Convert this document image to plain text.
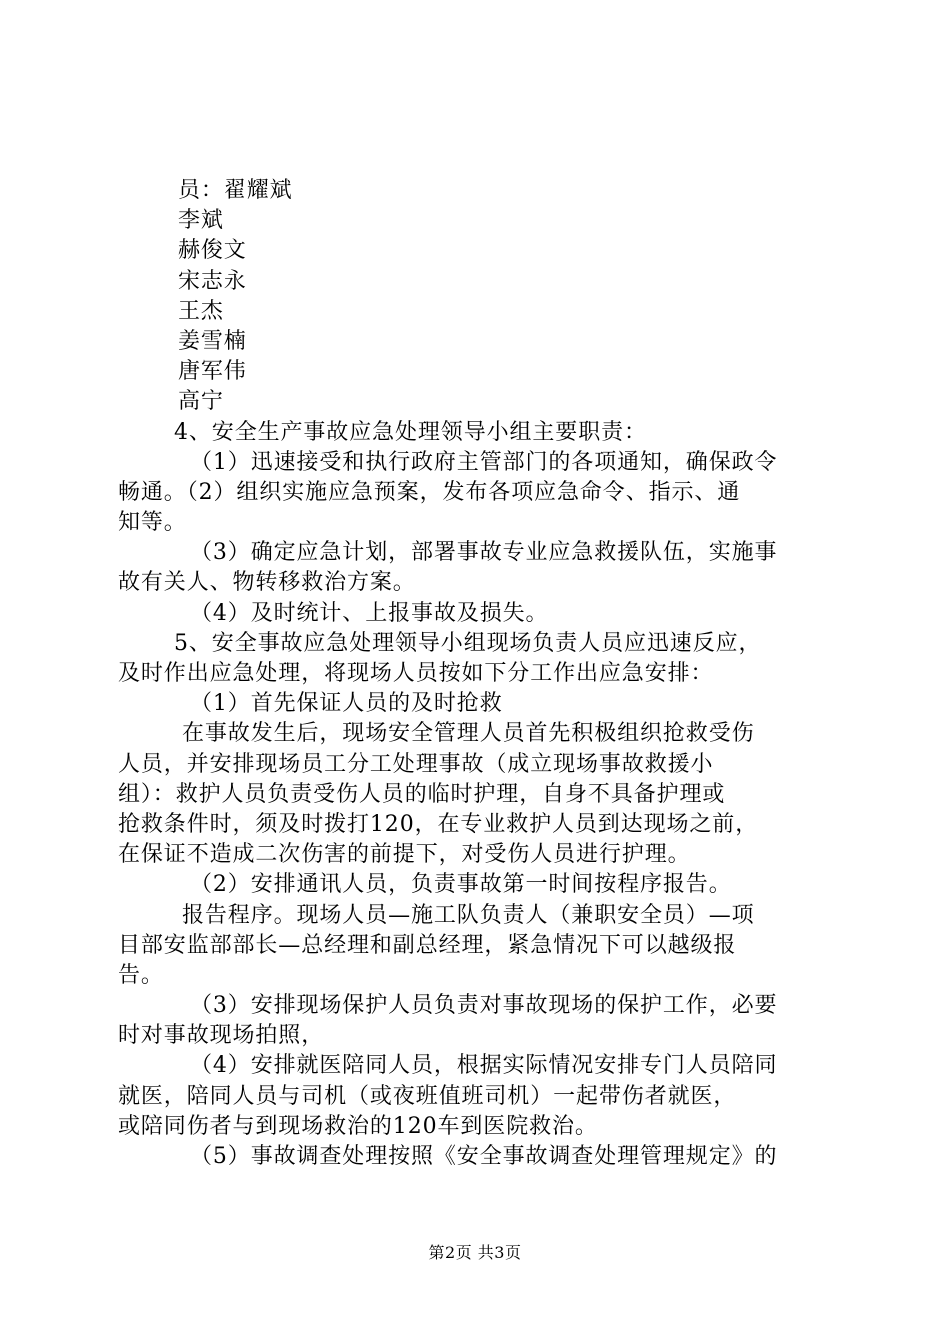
员：翟耀斌
李斌
赫俊文
宋志永
王杰
姜雪楠
唐军伟
高宁
4、安全生产事故应急处理领导小组主要职责：
（1）迅速接受和执行政府主管部门的各项通知，确保政令
畅通。（2）组织实施应急预案，发布各项应急命令、指示、通
知等。
（3）确定应急计划，部署事故专业应急救援队伍，实施事
故有关人、物转移救治方案。
（4）及时统计、上报事故及损失。
5、安全事故应急处理领导小组现场负责人员应迅速反应，
及时作出应急处理，将现场人员按如下分工作出应急安排：
（1）首先保证人员的及时抢救
在事故发生后，现场安全管理人员首先积极组织抢救受伤
人员，并安排现场员工分工处理事故（成立现场事故救援小
组）：救护人员负责受伤人员的临时护理，自身不具备护理或
抢救条件时，须及时拨打120，在专业救护人员到达现场之前，
在保证不造成二次伤害的前提下，对受伤人员进行护理。
（2）安排通讯人员，负责事故第一时间按程序报告。
报告程序。现场人员—施工队负责人（兼职安全员）—项
目部安监部部长—总经理和副总经理，紧急情况下可以越级报
告。
（3）安排现场保护人员负责对事故现场的保护工作，必要
时对事故现场拍照，
（4）安排就医陪同人员，根据实际情况安排专门人员陪同
就医，陪同人员与司机（或夜班值班司机）一起带伤者就医，
或陪同伤者与到现场救治的120车到医院救治。
（5）事故调查处理按照《安全事故调查处理管理规定》的
第2页 共3页
